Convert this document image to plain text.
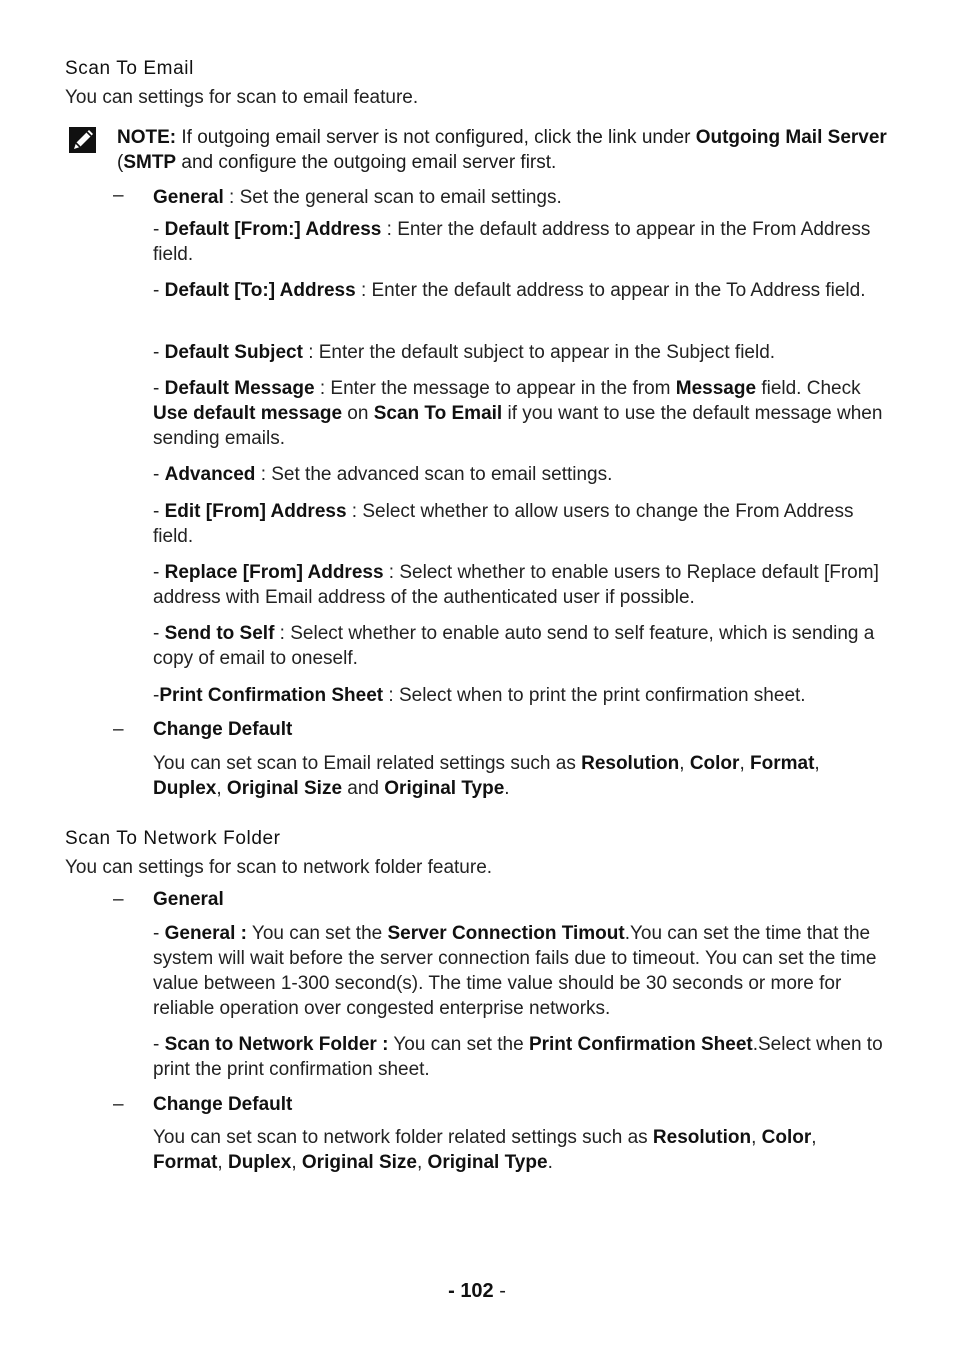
Scan To Email

You can settings for scan to email feature.

NOTE: If outgoing email server is not configured, click the link under Outgoing Mail Server (SMTP and configure the outgoing email server first.

– General : Set the general scan to email settings.

- Default [From:] Address : Enter the default address to appear in the From Address field.

- Default [To:] Address : Enter the default address to appear in the To Address field.

- Default Subject : Enter the default subject to appear in the Subject field.

- Default Message : Enter the message to appear in the from Message field. Check Use default message on Scan To Email if you want to use the default message when sending emails.

- Advanced : Set the advanced scan to email settings.

- Edit [From] Address : Select whether to allow users to change the From Address field.

- Replace [From] Address : Select whether to enable users to Replace default [From] address with Email address of the authenticated user if possible.

- Send to Self : Select whether to enable auto send to self feature, which is sending a copy of email to oneself.

-Print Confirmation Sheet : Select when to print the print confirmation sheet.

– Change Default

You can set scan to Email related settings such as Resolution, Color, Format, Duplex, Original Size and Original Type.

Scan To Network Folder

You can settings for scan to network folder feature.

– General

- General : You can set the Server Connection Timout.You can set the time that the system will wait before the server connection fails due to timeout. You can set the time value between 1-300 second(s). The time value should be 30 seconds or more for reliable operation over congested enterprise networks.

- Scan to Network Folder : You can set the Print Confirmation Sheet.Select when to print the print confirmation sheet.

– Change Default

You can set scan to network folder related settings such as Resolution, Color, Format, Duplex, Original Size, Original Type.

- 102 -
